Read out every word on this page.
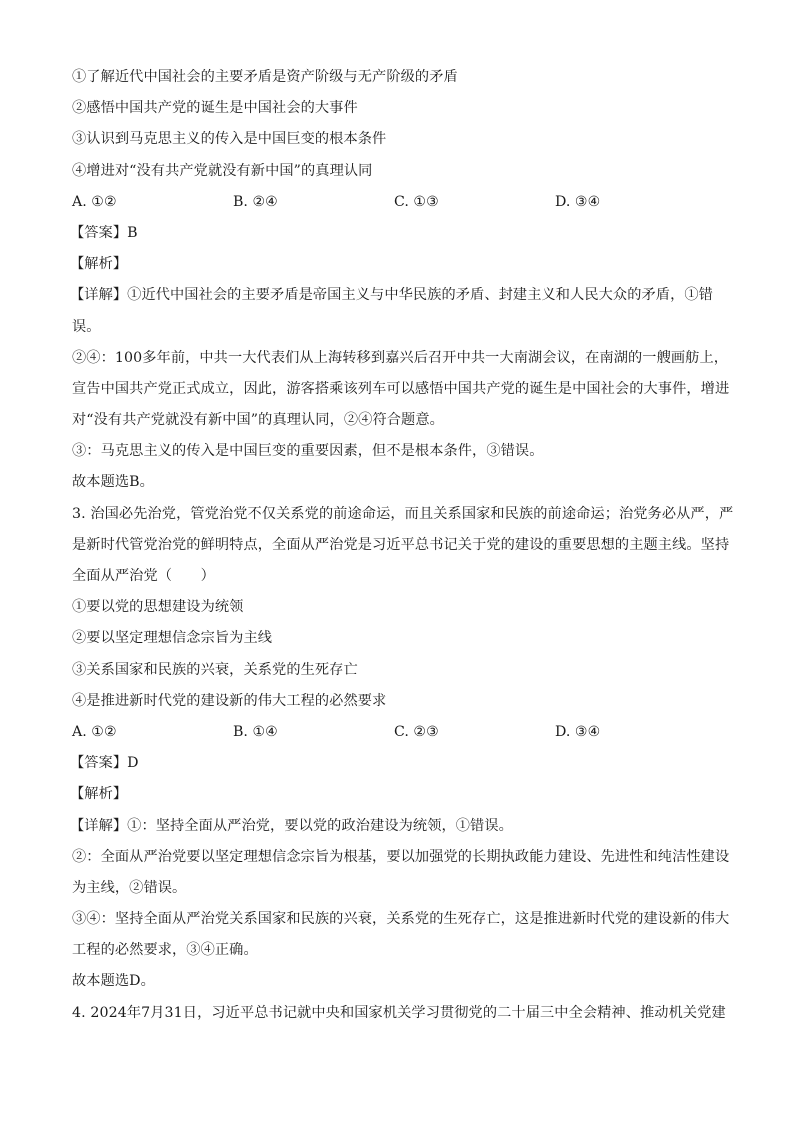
①了解近代中国社会的主要矛盾是资产阶级与无产阶级的矛盾
②感悟中国共产党的诞生是中国社会的大事件
③认识到马克思主义的传入是中国巨变的根本条件
④增进对“没有共产党就没有新中国”的真理认同
A. ①②	B. ②④	C. ①③	D. ③④
【答案】B
【解析】
【详解】①近代中国社会的主要矛盾是帝国主义与中华民族的矛盾、封建主义和人民大众的矛盾，①错
误。
②④：100多年前，中共一大代表们从上海转移到嘉兴后召开中共一大南湖会议，在南湖的一艘画舫上，
宣告中国共产党正式成立，因此，游客搭乘该列车可以感悟中国共产党的诞生是中国社会的大事件，增进
对“没有共产党就没有新中国”的真理认同，②④符合题意。
③：马克思主义的传入是中国巨变的重要因素，但不是根本条件，③错误。
故本题选B。
3. 治国必先治党，管党治党不仅关系党的前途命运，而且关系国家和民族的前途命运；治党务必从严，严
是新时代管党治党的鲜明特点，全面从严治党是习近平总书记关于党的建设的重要思想的主题主线。坚持
全面从严治党（　　）
①要以党的思想建设为统领
②要以坚定理想信念宗旨为主线
③关系国家和民族的兴衰，关系党的生死存亡
④是推进新时代党的建设新的伟大工程的必然要求
A. ①②	B. ①④	C. ②③	D. ③④
【答案】D
【解析】
【详解】①：坚持全面从严治党，要以党的政治建设为统领，①错误。
②：全面从严治党要以坚定理想信念宗旨为根基，要以加强党的长期执政能力建设、先进性和纯洁性建设
为主线，②错误。
③④：坚持全面从严治党关系国家和民族的兴衰，关系党的生死存亡，这是推进新时代党的建设新的伟大
工程的必然要求，③④正确。
故本题选D。
4. 2024年7月31日，习近平总书记就中央和国家机关学习贯彻党的二十届三中全会精神、推动机关党建
